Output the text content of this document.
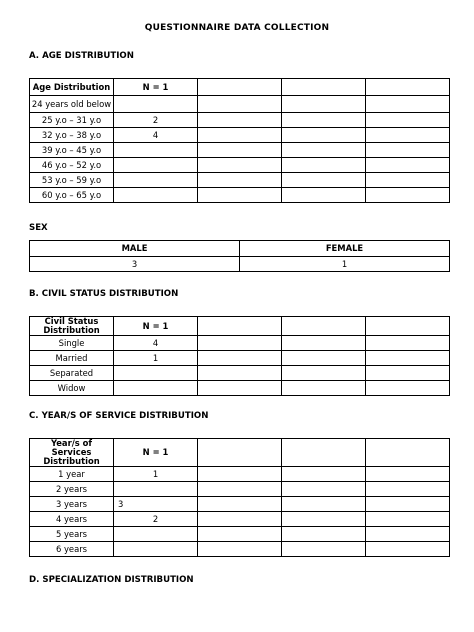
QUESTIONNAIRE DATA COLLECTION
A. AGE DISTRIBUTION
Age Distribution	N = 1			
24 years old below				
25 y.o – 31 y.o	2			
32 y.o – 38 y.o	4			
39 y.o – 45 y.o				
46 y.o – 52 y.o				
53 y.o – 59 y.o				
60 y.o – 65 y.o				
SEX
MALE	FEMALE
3	1
B. CIVIL STATUS DISTRIBUTION
Civil Status Distribution	N = 1			
Single	4			
Married	1			
Separated				
Widow				
C. YEAR/S OF SERVICE DISTRIBUTION
Year/s of Services Distribution	N = 1			
1 year	1			
2 years				
3 years	3			
4 years	2			
5 years				
6 years				
D. SPECIALIZATION DISTRIBUTION
